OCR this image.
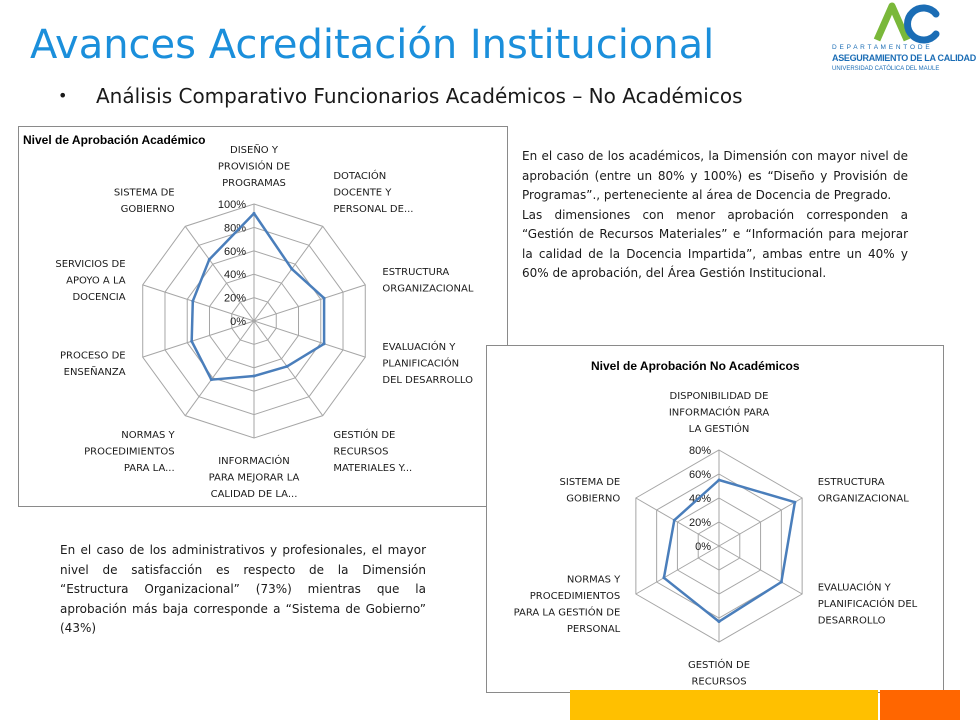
Avances Acreditación Institucional
• Análisis Comparativo Funcionarios Académicos – No Académicos
D E P A R T A M E N T O D E
ASEGURAMIENTO DE LA CALIDAD
UNIVERSIDAD CATÓLICA DEL MAULE
Nivel de Aprobación Académico
0%
20%
40%
60%
80%
100%
DISEÑO Y PROVISIÓN DE PROGRAMAS
DOTACIÓN DOCENTE Y PERSONAL DE...
ESTRUCTURA ORGANIZACIONAL
EVALUACIÓN Y PLANIFICACIÓN DEL DESARROLLO
GESTIÓN DE RECURSOS MATERIALES Y...
INFORMACIÓN PARA MEJORAR LA CALIDAD DE LA...
NORMAS Y PROCEDIMIENTOS PARA LA...
PROCESO DE ENSEÑANZA
SERVICIOS DE APOYO A LA DOCENCIA
SISTEMA DE GOBIERNO
Nivel de Aprobación No Académicos
0%
20%
40%
60%
80%
DISPONIBILIDAD DE INFORMACIÓN PARA LA GESTIÓN
ESTRUCTURA ORGANIZACIONAL
EVALUACIÓN Y PLANIFICACIÓN DEL DESARROLLO
GESTIÓN DE RECURSOS
NORMAS Y PROCEDIMIENTOS PARA LA GESTIÓN DE PERSONAL
SISTEMA DE GOBIERNO

En el caso de los académicos, la Dimensión con mayor nivel de aprobación (entre un 80% y 100%) es “Diseño y Provisión de Programas”., perteneciente al área de Docencia de Pregrado.

Las dimensiones con menor aprobación corresponden a “Gestión de Recursos Materiales” e “Información para mejorar la calidad de la Docencia Impartida”, ambas entre un 40% y 60% de aprobación, del Área Gestión Institucional.

En el caso de los administrativos y profesionales, el mayor nivel de satisfacción es respecto de la Dimensión “Estructura Organizacional” (73%) mientras que la aprobación más baja corresponde a “Sistema de Gobierno” (43%)
